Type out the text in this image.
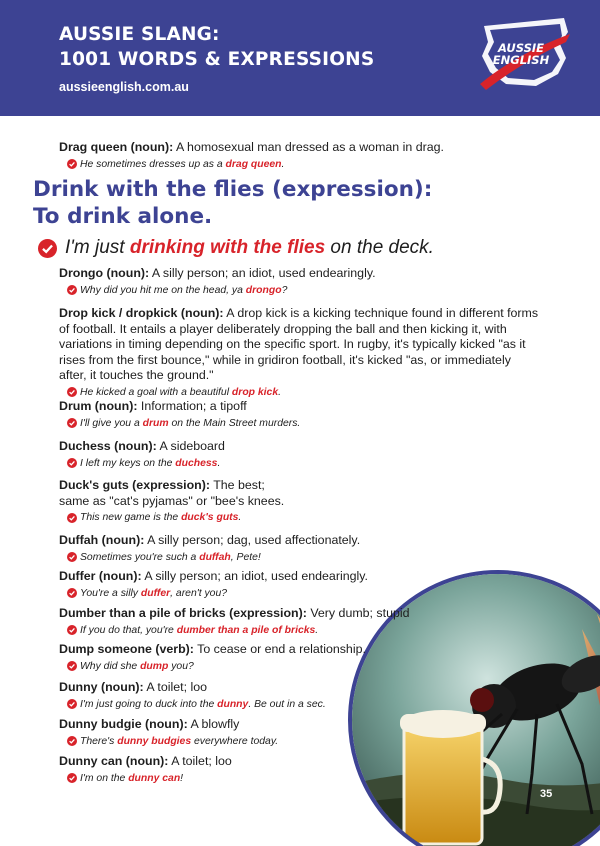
AUSSIE SLANG:
1001 WORDS & EXPRESSIONS
aussieenglish.com.au
AUSSIE
ENGLISH
35
Drag queen (noun): A homosexual man dressed as a woman in drag.
He sometimes dresses up as a drag queen.
Drink with the flies (expression):
To drink alone.
I'm just drinking with the flies on the deck.
Drongo (noun): A silly person; an idiot, used endearingly.
Why did you hit me on the head, ya drongo?
Drop kick / dropkick (noun): A drop kick is a kicking technique found in different forms of football. It entails a player deliberately dropping the ball and then kicking it, with variations in timing depending on the specific sport. In rugby, it's typically kicked "as it rises from the first bounce," while in gridiron football, it's kicked "as, or immediately after, it touches the ground."
He kicked a goal with a beautiful drop kick.
Drum (noun): Information; a tipoff
I'll give you a drum on the Main Street murders.
Duchess (noun): A sideboard
I left my keys on the duchess.
Duck's guts (expression): The best;
same as "cat's pyjamas" or "bee's knees.
This new game is the duck's guts.
Duffah (noun): A silly person; dag, used affectionately.
Sometimes you're such a duffah, Pete!
Duffer (noun): A silly person; an idiot, used endearingly.
You're a silly duffer, aren't you?
Dumber than a pile of bricks (expression): Very dumb; stupid
If you do that, you're dumber than a pile of bricks.
Dump someone (verb): To cease or end a relationship.
Why did she dump you?
Dunny (noun): A toilet; loo
I'm just going to duck into the dunny. Be out in a sec.
Dunny budgie (noun): A blowfly
There's dunny budgies everywhere today.
Dunny can (noun): A toilet; loo
I'm on the dunny can!
